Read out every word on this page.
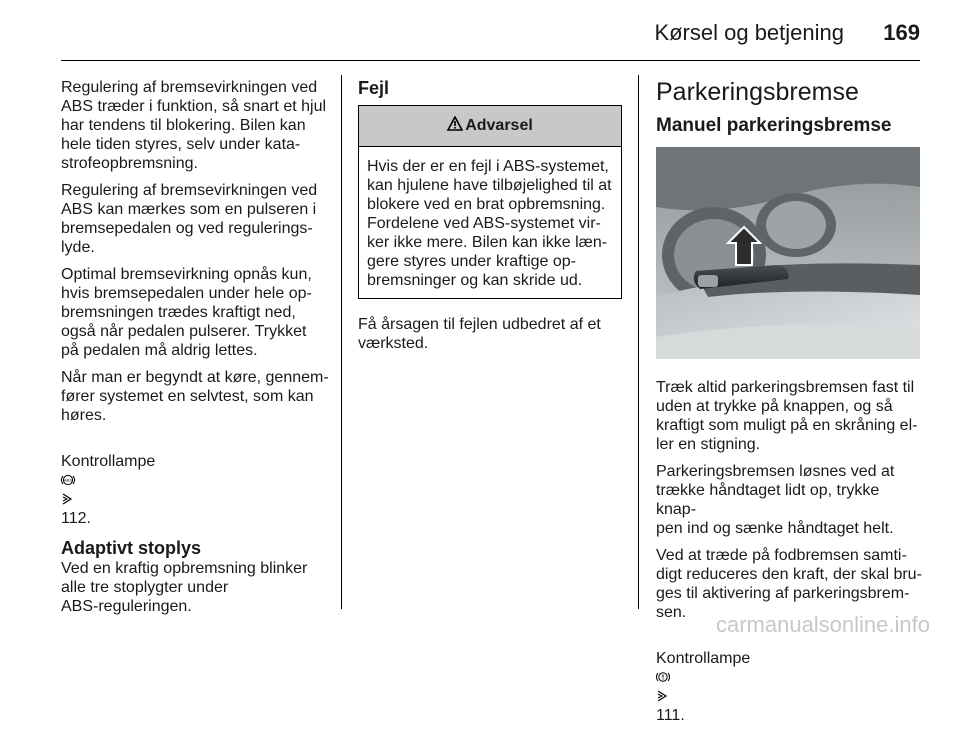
Kørsel og betjening 169

Regulering af bremsevirkningen ved
ABS træder i funktion, så snart et hjul
har tendens til blokering. Bilen kan
hele tiden styres, selv under kata-
strofeopbremsning.

Regulering af bremsevirkningen ved
ABS kan mærkes som en pulseren i
bremsepedalen og ved regulerings-
lyde.

Optimal bremsevirkning opnås kun,
hvis bremsepedalen under hele op-
bremsningen trædes kraftigt ned,
også når pedalen pulserer. Trykket
på pedalen må aldrig lettes.

Når man er begyndt at køre, gennem-
fører systemet en selvtest, som kan
høres.

Kontrollampe

ABS

112.

Adaptivt stoplys

Ved en kraftig opbremsning blinker
alle tre stoplygter under
ABS-reguleringen.

Fejl
Advarsel
Hvis der er en fejl i ABS-systemet,
kan hjulene have tilbøjelighed til at
blokere ved en brat opbremsning.
Fordelene ved ABS-systemet vir-
ker ikke mere. Bilen kan ikke læn-
gere styres under kraftige op-
bremsninger og kan skride ud.

Få årsagen til fejlen udbedret af et
værksted.

Parkeringsbremse
Manuel parkeringsbremse

Træk altid parkeringsbremsen fast til
uden at trykke på knappen, og så
kraftigt som muligt på en skråning el-
ler en stigning.

Parkeringsbremsen løsnes ved at
trække håndtaget lidt op, trykke knap-
pen ind og sænke håndtaget helt.

Ved at træde på fodbremsen samti-
digt reduceres den kraft, der skal bru-
ges til aktivering af parkeringsbrem-
sen.

Kontrollampe

111.

carmanualsonline.info
